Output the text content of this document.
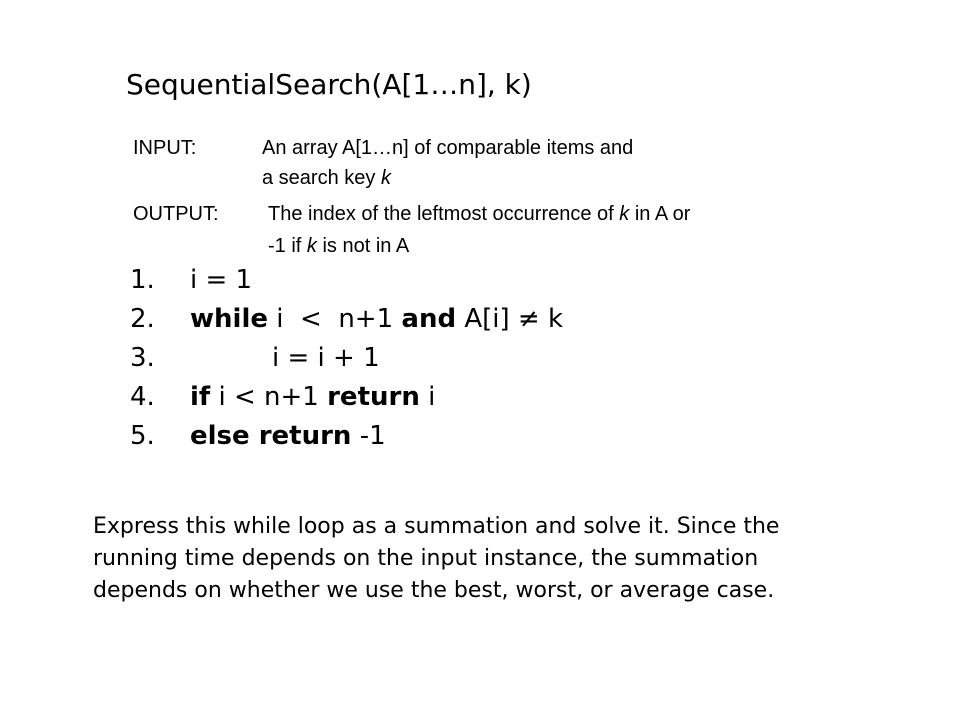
SequentialSearch(A[1…n], k)
INPUT:	An array A[1…n] of comparable items and
a search key k
OUTPUT: The index of the leftmost occurrence of k in A or
-1 if k is not in A
1. i = 1
2. while i  <  n+1 and A[i] ≠ k
3.	i = i + 1
4. if i < n+1 return i
5. else return -1
Express this while loop as a summation and solve it. Since the
running time depends on the input instance, the summation
depends on whether we use the best, worst, or average case.
